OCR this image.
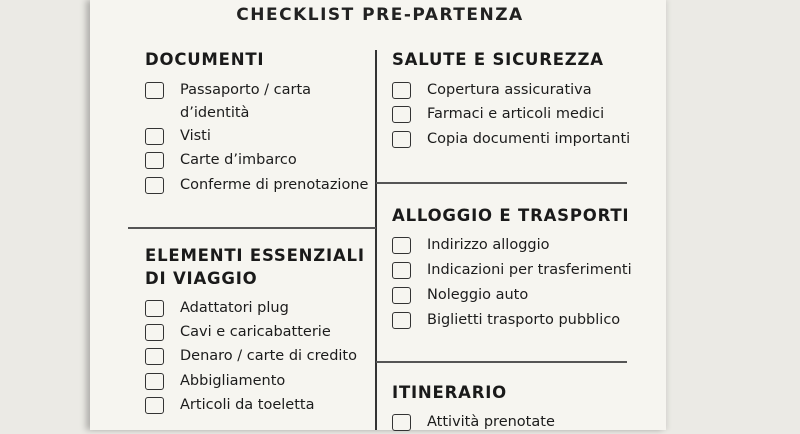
CHECKLIST PRE-PARTENZA
DOCUMENTI
Passaporto / carta d’identità
Visti
Carte d’imbarco
Conferme di prenotazione
ELEMENTI ESSENZIALI
DI VIAGGIO
Adattatori plug
Cavi e caricabatterie
Denaro / carte di credito
Abbigliamento
Articoli da toeletta
SALUTE E SICUREZZA
Copertura assicurativa
Farmaci e articoli medici
Copia documenti importanti
ALLOGGIO E TRASPORTI
Indirizzo alloggio
Indicazioni per trasferimenti
Noleggio auto
Biglietti trasporto pubblico
ITINERARIO
Attività prenotate
